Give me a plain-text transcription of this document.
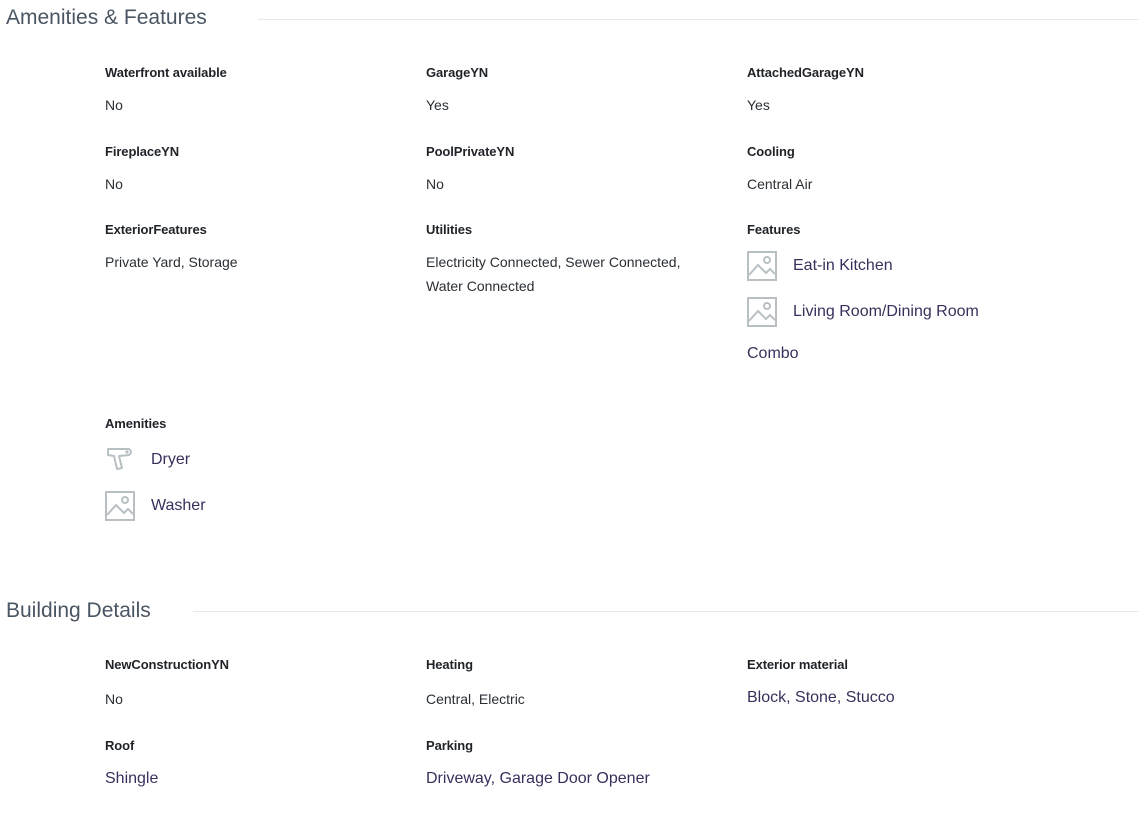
Amenities & Features
Waterfront available
No
GarageYN
Yes
AttachedGarageYN
Yes
FireplaceYN
No
PoolPrivateYN
No
Cooling
Central Air
ExteriorFeatures
Private Yard, Storage
Utilities
Electricity Connected, Sewer Connected,
Water Connected
Features
Eat-in Kitchen
Living Room/Dining Room
Combo
Amenities
Dryer
Washer
Building Details
NewConstructionYN
No
Heating
Central, Electric
Exterior material
Block, Stone, Stucco
Roof
Shingle
Parking
Driveway, Garage Door Opener
